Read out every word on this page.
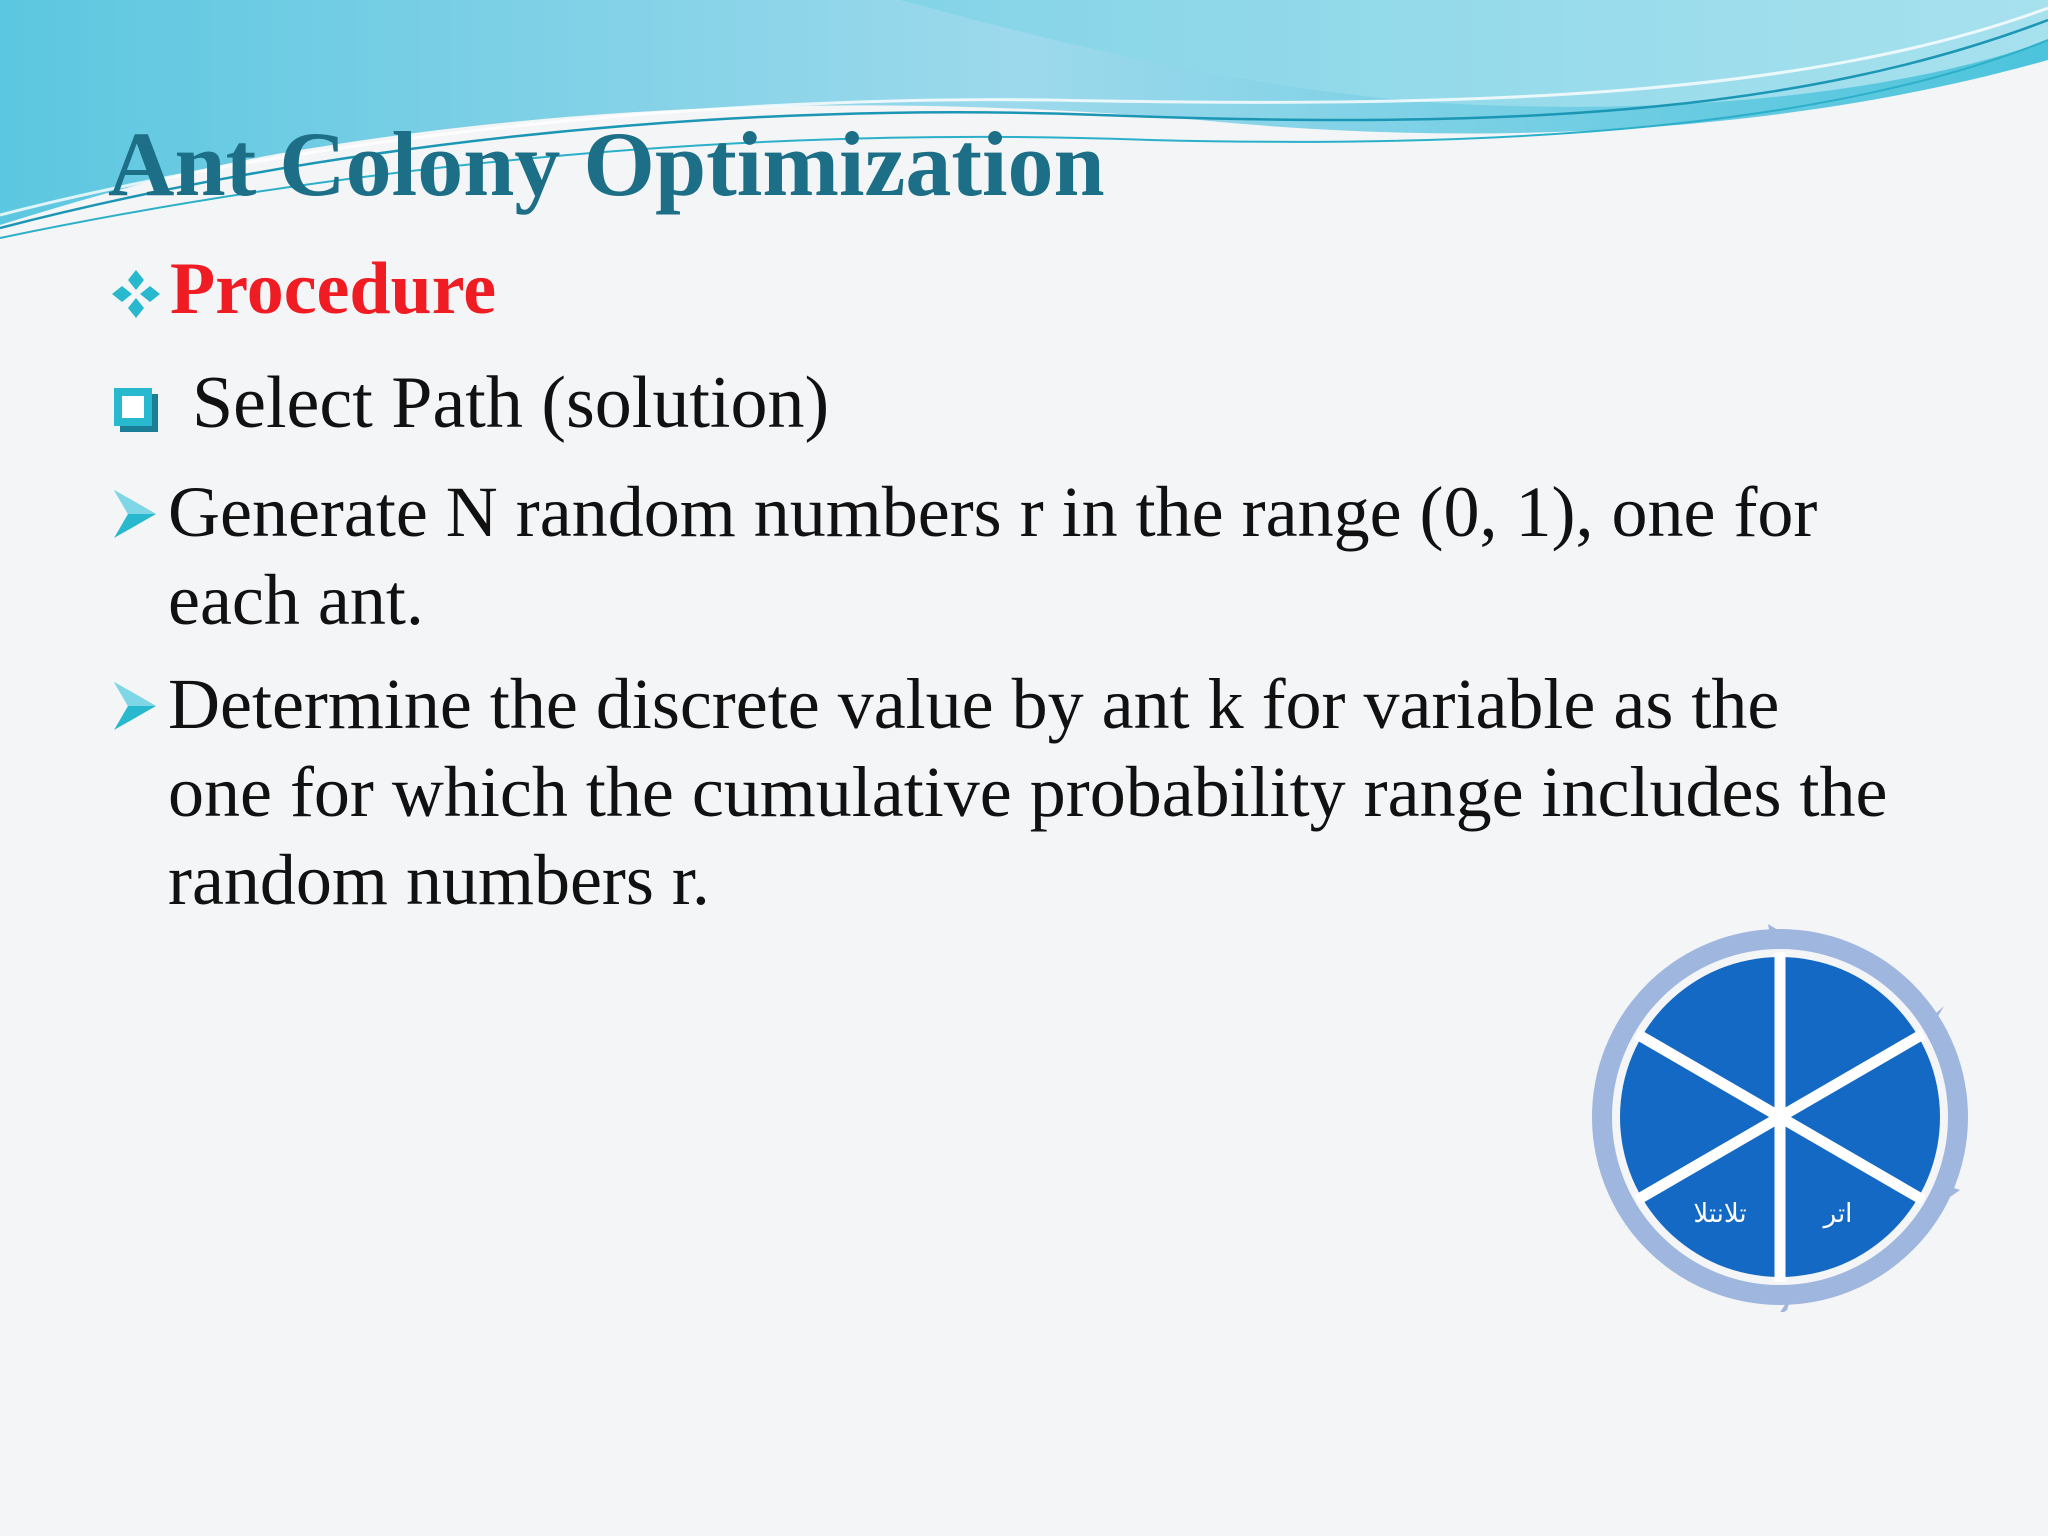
Ant Colony Optimization
Procedure
Select Path (solution)
Generate N random numbers r in the range (0, 1), one for each ant.
Determine the discrete value by ant k for variable as the one for which the cumulative probability range includes the random numbers r.
اتر
تلانتلا
